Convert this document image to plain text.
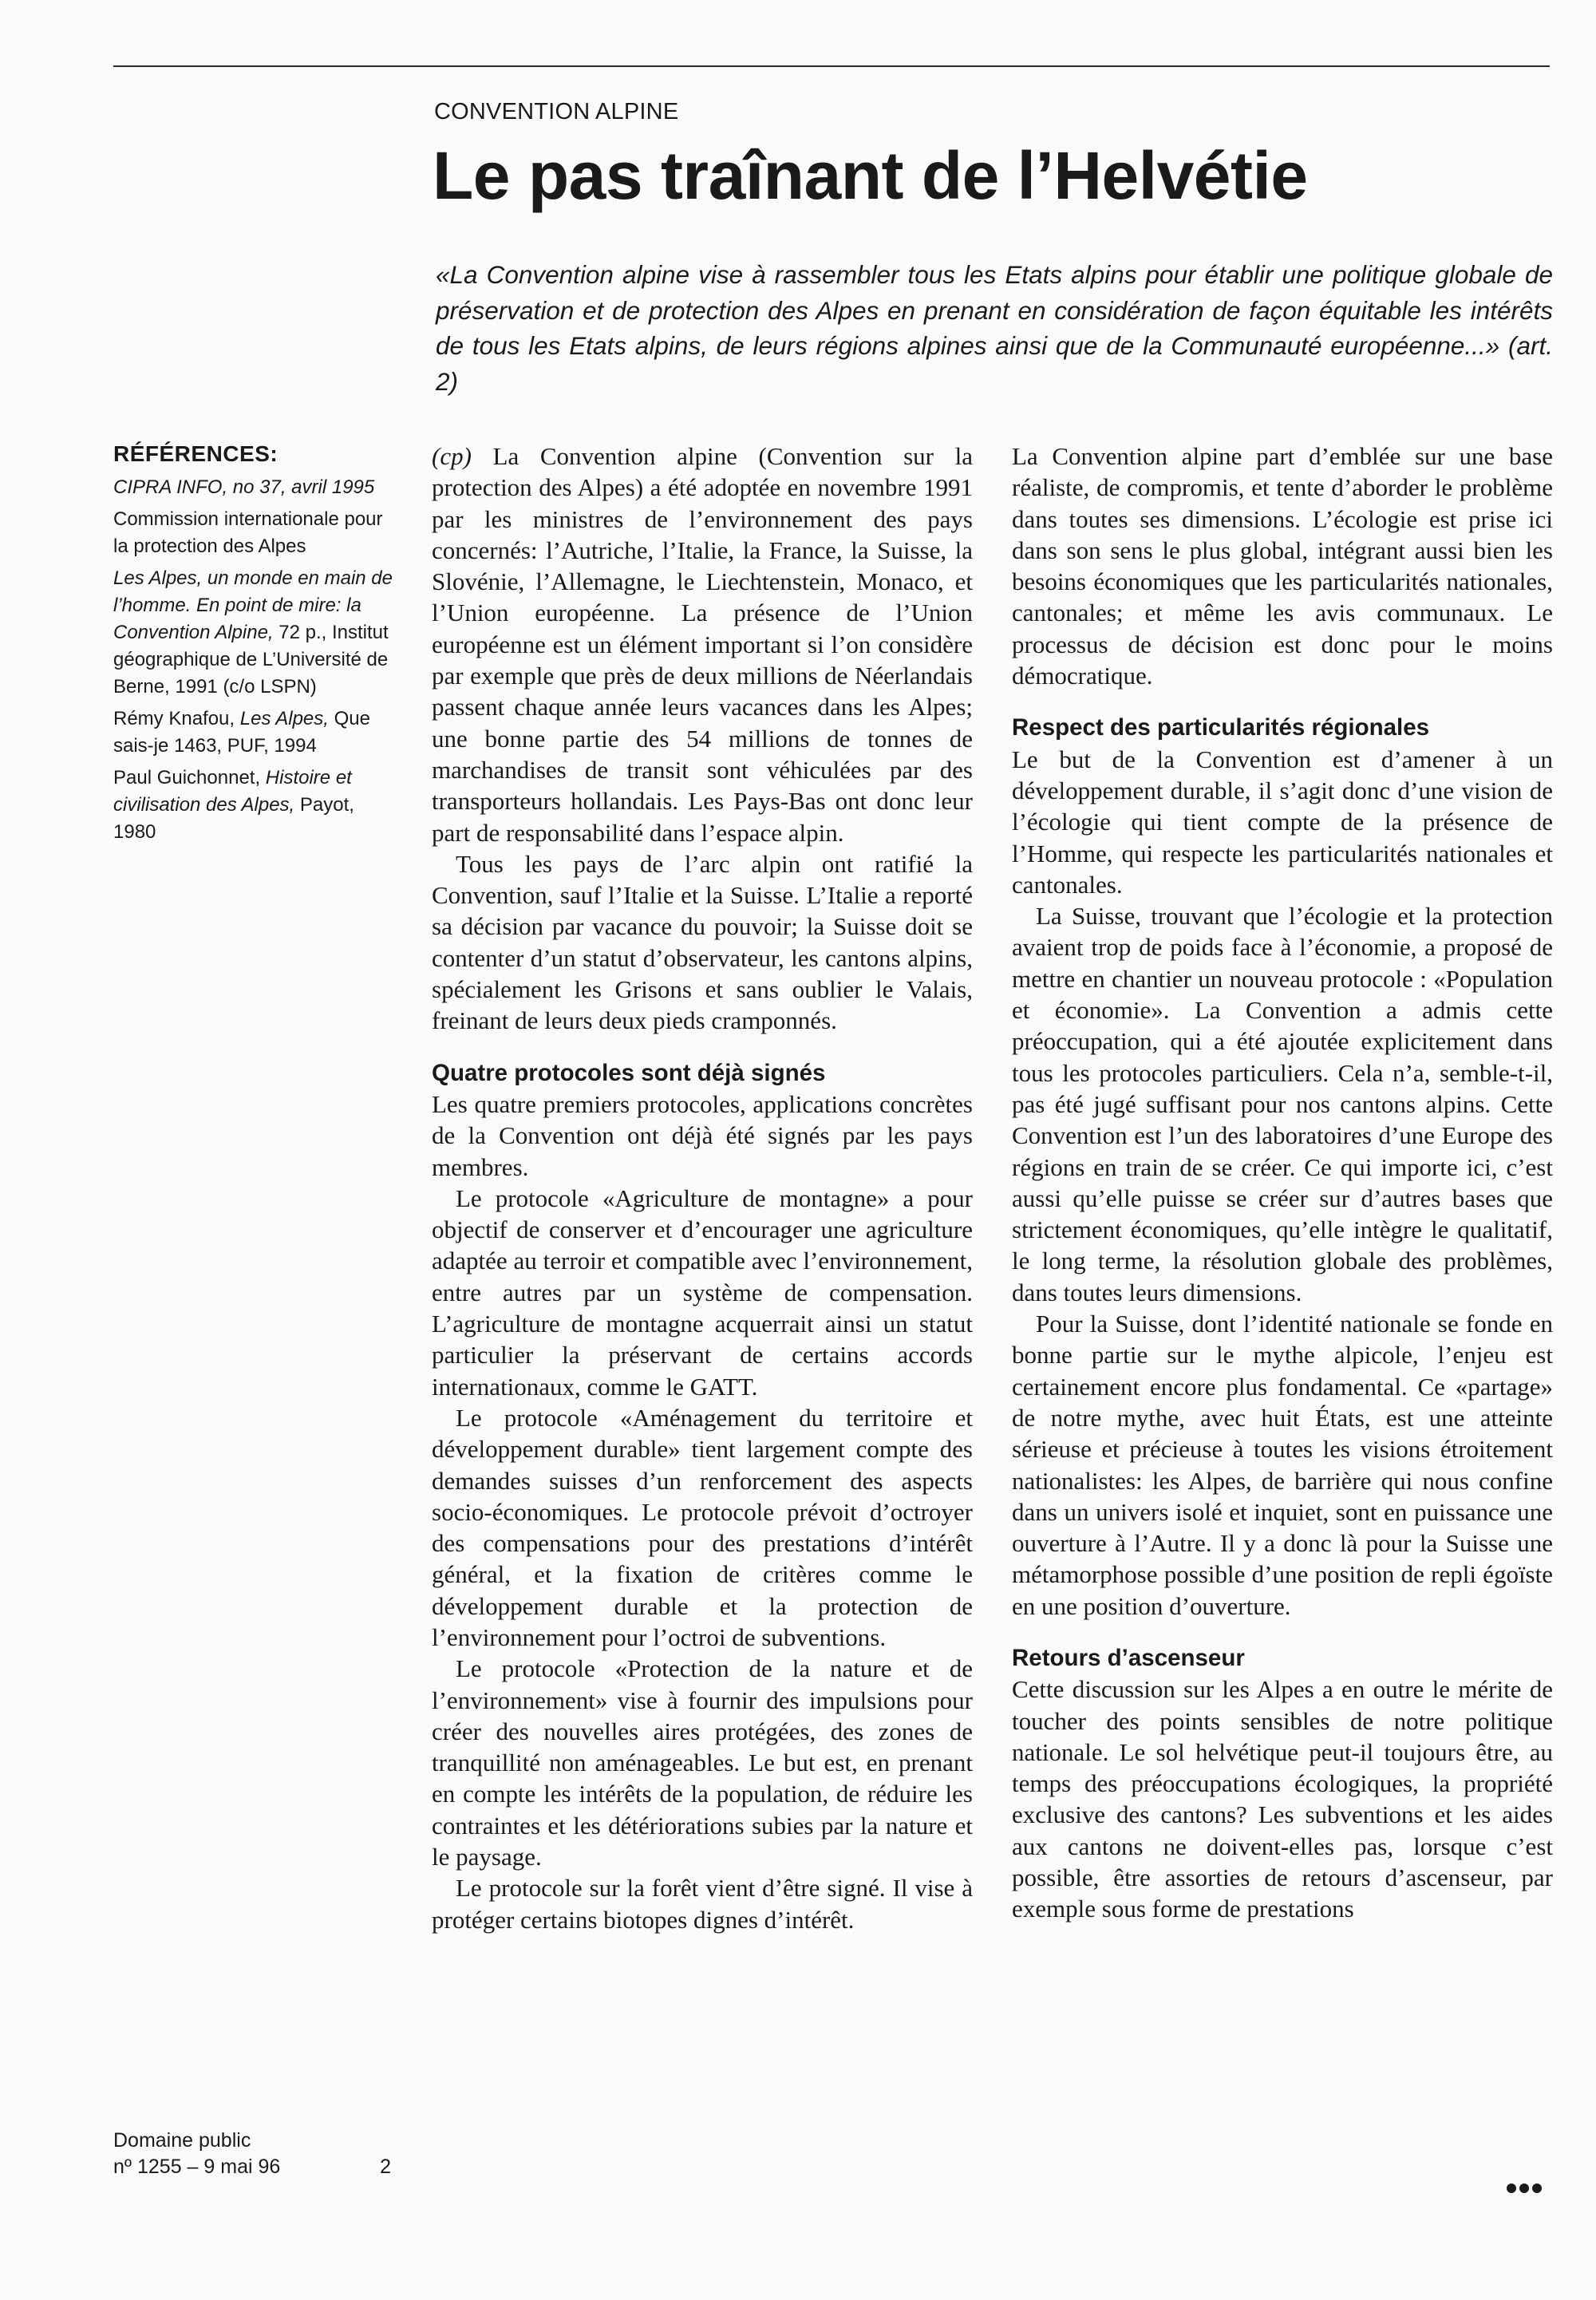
CONVENTION ALPINE
Le pas traînant de l’Helvétie

«La Convention alpine vise à rassembler tous les Etats alpins pour établir une politique globale de préservation et de protection des Alpes en prenant en considération de façon équitable les intérêts de tous les Etats alpins, de leurs régions alpines ainsi que de la Communauté européenne...» (art. 2)

RÉFÉRENCES:

CIPRA INFO, no 37, avril 1995

Commission internationale pour la protection des Alpes

Les Alpes, un monde en main de l’homme. En point de mire: la Convention Alpine, 72 p., Institut géographique de L’Université de Berne, 1991 (c/o LSPN)

Rémy Knafou, Les Alpes, Que sais-je 1463, PUF, 1994

Paul Guichonnet, Histoire et civilisation des Alpes, Payot, 1980

(cp) La Convention alpine (Convention sur la protection des Alpes) a été adoptée en novembre 1991 par les ministres de l’environnement des pays concernés: l’Autriche, l’Italie, la France, la Suisse, la Slovénie, l’Allemagne, le Liechtenstein, Monaco, et l’Union européenne. La présence de l’Union européenne est un élément important si l’on considère par exemple que près de deux millions de Néerlandais passent chaque année leurs vacances dans les Alpes; une bonne partie des 54 millions de tonnes de marchandises de transit sont véhiculées par des transporteurs hollandais. Les Pays-Bas ont donc leur part de responsabilité dans l’espace alpin.

Tous les pays de l’arc alpin ont ratifié la Convention, sauf l’Italie et la Suisse. L’Italie a reporté sa décision par vacance du pouvoir; la Suisse doit se contenter d’un statut d’observateur, les cantons alpins, spécialement les Grisons et sans oublier le Valais, freinant de leurs deux pieds cramponnés.

Quatre protocoles sont déjà signés

Les quatre premiers protocoles, applications concrètes de la Convention ont déjà été signés par les pays membres.

Le protocole «Agriculture de montagne» a pour objectif de conserver et d’encourager une agriculture adaptée au terroir et compatible avec l’environnement, entre autres par un système de compensation. L’agriculture de montagne acquerrait ainsi un statut particulier la préservant de certains accords internationaux, comme le GATT.

Le protocole «Aménagement du territoire et développement durable» tient largement compte des demandes suisses d’un renforcement des aspects socio-économiques. Le protocole prévoit d’octroyer des compensations pour des prestations d’intérêt général, et la fixation de critères comme le développement durable et la protection de l’environnement pour l’octroi de subventions.

Le protocole «Protection de la nature et de l’environnement» vise à fournir des impulsions pour créer des nouvelles aires protégées, des zones de tranquillité non aménageables. Le but est, en prenant en compte les intérêts de la population, de réduire les contraintes et les détériorations subies par la nature et le paysage.

Le protocole sur la forêt vient d’être signé. Il vise à protéger certains biotopes dignes d’intérêt.

La Convention alpine part d’emblée sur une base réaliste, de compromis, et tente d’aborder le problème dans toutes ses dimensions. L’écologie est prise ici dans son sens le plus global, intégrant aussi bien les besoins économiques que les particularités nationales, cantonales; et même les avis communaux. Le processus de décision est donc pour le moins démocratique.

Respect des particularités régionales

Le but de la Convention est d’amener à un développement durable, il s’agit donc d’une vision de l’écologie qui tient compte de la présence de l’Homme, qui respecte les particularités nationales et cantonales.

La Suisse, trouvant que l’écologie et la protection avaient trop de poids face à l’économie, a proposé de mettre en chantier un nouveau protocole : «Population et économie». La Convention a admis cette préoccupation, qui a été ajoutée explicitement dans tous les protocoles particuliers. Cela n’a, semble-t-il, pas été jugé suffisant pour nos cantons alpins. Cette Convention est l’un des laboratoires d’une Europe des régions en train de se créer. Ce qui importe ici, c’est aussi qu’elle puisse se créer sur d’autres bases que strictement économiques, qu’elle intègre le qualitatif, le long terme, la résolution globale des problèmes, dans toutes leurs dimensions.

Pour la Suisse, dont l’identité nationale se fonde en bonne partie sur le mythe alpicole, l’enjeu est certainement encore plus fondamental. Ce «partage» de notre mythe, avec huit États, est une atteinte sérieuse et précieuse à toutes les visions étroitement nationalistes: les Alpes, de barrière qui nous confine dans un univers isolé et inquiet, sont en puissance une ouverture à l’Autre. Il y a donc là pour la Suisse une métamorphose possible d’une position de repli égoïste en une position d’ouverture.

Retours d’ascenseur

Cette discussion sur les Alpes a en outre le mérite de toucher des points sensibles de notre politique nationale. Le sol helvétique peut-il toujours être, au temps des préoccupations écologiques, la propriété exclusive des cantons? Les subventions et les aides aux cantons ne doivent-elles pas, lorsque c’est possible, être assorties de retours d’ascenseur, par exemple sous forme de prestations

Domaine public
nº 1255 – 9 mai 96	2
